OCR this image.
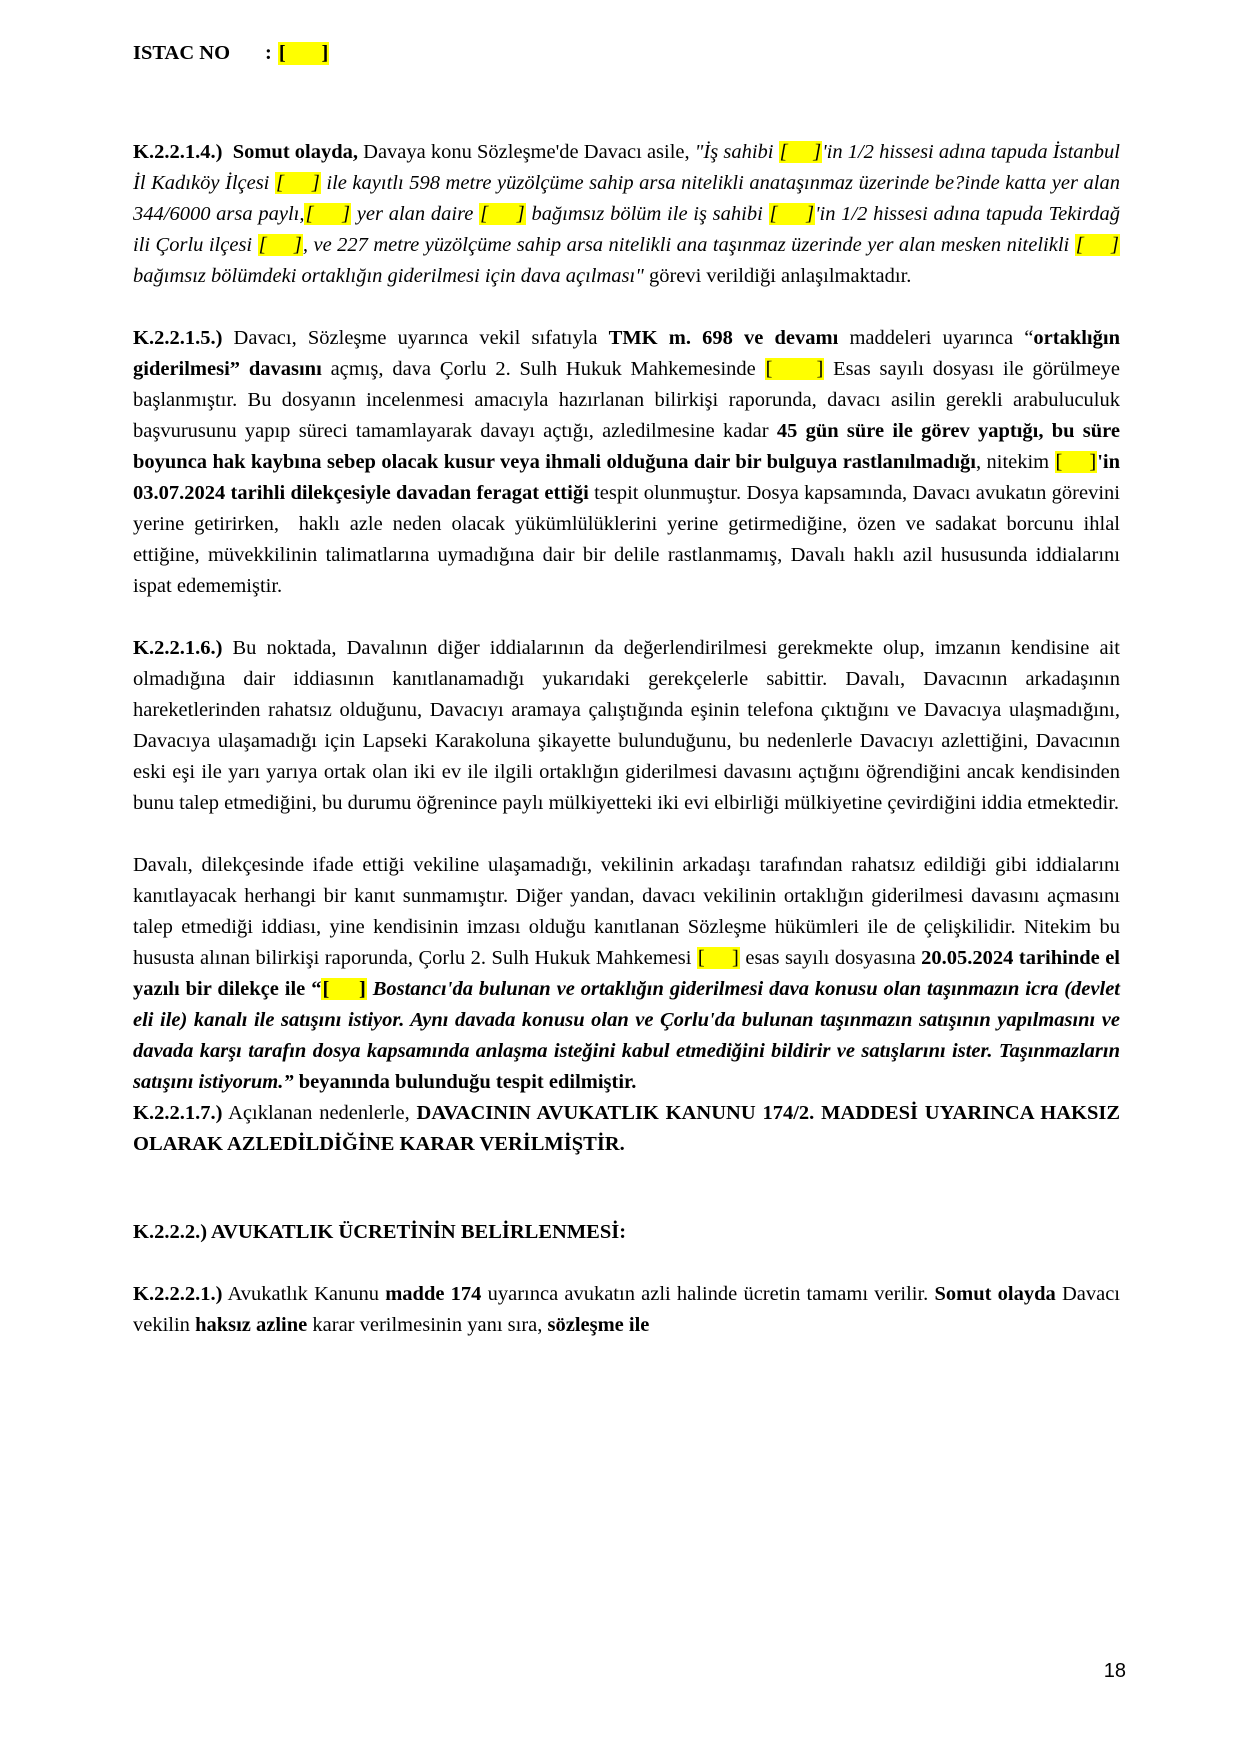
ISTAC NO	: [       ]

K.2.2.1.4.)  Somut olayda, Davaya konu Sözleşme'de Davacı asile, "İş sahibi [     ]'in 1/2 hissesi adına tapuda İstanbul İl Kadıköy İlçesi [     ] ile kayıtlı 598 metre yüzölçüme sahip arsa nitelikli anataşınmaz üzerinde be?inde katta yer alan 344/6000 arsa paylı,[     ] yer alan daire [     ] bağımsız bölüm ile iş sahibi [     ]'in 1/2 hissesi adına tapuda Tekirdağ ili Çorlu ilçesi [     ], ve 227 metre yüzölçüme sahip arsa nitelikli ana taşınmaz üzerinde yer alan mesken nitelikli [     ] bağımsız bölümdeki ortaklığın giderilmesi için dava açılması" görevi verildiği anlaşılmaktadır.

K.2.2.1.5.) Davacı, Sözleşme uyarınca vekil sıfatıyla TMK m. 698 ve devamı maddeleri uyarınca “ortaklığın giderilmesi” davasını açmış, dava Çorlu 2. Sulh Hukuk Mahkemesinde [     ] Esas sayılı dosyası ile görülmeye başlanmıştır. Bu dosyanın incelenmesi amacıyla hazırlanan bilirkişi raporunda, davacı asilin gerekli arabuluculuk başvurusunu yapıp süreci tamamlayarak davayı açtığı, azledilmesine kadar 45 gün süre ile görev yaptığı, bu süre boyunca hak kaybına sebep olacak kusur veya ihmali olduğuna dair bir bulguya rastlanılmadığı, nitekim [     ]'in 03.07.2024 tarihli dilekçesiyle davadan feragat ettiği tespit olunmuştur. Dosya kapsamında, Davacı avukatın görevini yerine getirirken,  haklı azle neden olacak yükümlülüklerini yerine getirmediğine, özen ve sadakat borcunu ihlal ettiğine, müvekkilinin talimatlarına uymadığına dair bir delile rastlanmamış, Davalı haklı azil hususunda iddialarını ispat edememiştir.

K.2.2.1.6.) Bu noktada, Davalının diğer iddialarının da değerlendirilmesi gerekmekte olup, imzanın kendisine ait olmadığına dair iddiasının kanıtlanamadığı yukarıdaki gerekçelerle sabittir. Davalı, Davacının arkadaşının hareketlerinden rahatsız olduğunu, Davacıyı aramaya çalıştığında eşinin telefona çıktığını ve Davacıya ulaşmadığını, Davacıya ulaşamadığı için Lapseki Karakoluna şikayette bulunduğunu, bu nedenlerle Davacıyı azlettiğini, Davacının eski eşi ile yarı yarıya ortak olan iki ev ile ilgili ortaklığın giderilmesi davasını açtığını öğrendiğini ancak kendisinden bunu talep etmediğini, bu durumu öğrenince paylı mülkiyetteki iki evi elbirliği mülkiyetine çevirdiğini iddia etmektedir.

Davalı, dilekçesinde ifade ettiği vekiline ulaşamadığı, vekilinin arkadaşı tarafından rahatsız edildiği gibi iddialarını kanıtlayacak herhangi bir kanıt sunmamıştır. Diğer yandan, davacı vekilinin ortaklığın giderilmesi davasını açmasını talep etmediği iddiası, yine kendisinin imzası olduğu kanıtlanan Sözleşme hükümleri ile de çelişkilidir. Nitekim bu hususta alınan bilirkişi raporunda, Çorlu 2. Sulh Hukuk Mahkemesi [     ] esas sayılı dosyasına 20.05.2024 tarihinde el yazılı bir dilekçe ile “[     ] Bostancı'da bulunan ve ortaklığın giderilmesi dava konusu olan taşınmazın icra (devlet eli ile) kanalı ile satışını istiyor. Aynı davada konusu olan ve Çorlu'da bulunan taşınmazın satışının yapılmasını ve davada karşı tarafın dosya kapsamında anlaşma isteğini kabul etmediğini bildirir ve satışlarını ister. Taşınmazların satışını istiyorum.” beyanında bulunduğu tespit edilmiştir.

K.2.2.1.7.) Açıklanan nedenlerle, DAVACININ AVUKATLIK KANUNU 174/2. MADDESİ UYARINCA HAKSIZ OLARAK AZLEDİLDİĞİNE KARAR VERİLMİŞTİR.

K.2.2.2.) AVUKATLIK ÜCRETİNİN BELİRLENMESİ:

K.2.2.2.1.) Avukatlık Kanunu madde 174 uyarınca avukatın azli halinde ücretin tamamı verilir. Somut olayda Davacı vekilin haksız azline karar verilmesinin yanı sıra, sözleşme ile

18
